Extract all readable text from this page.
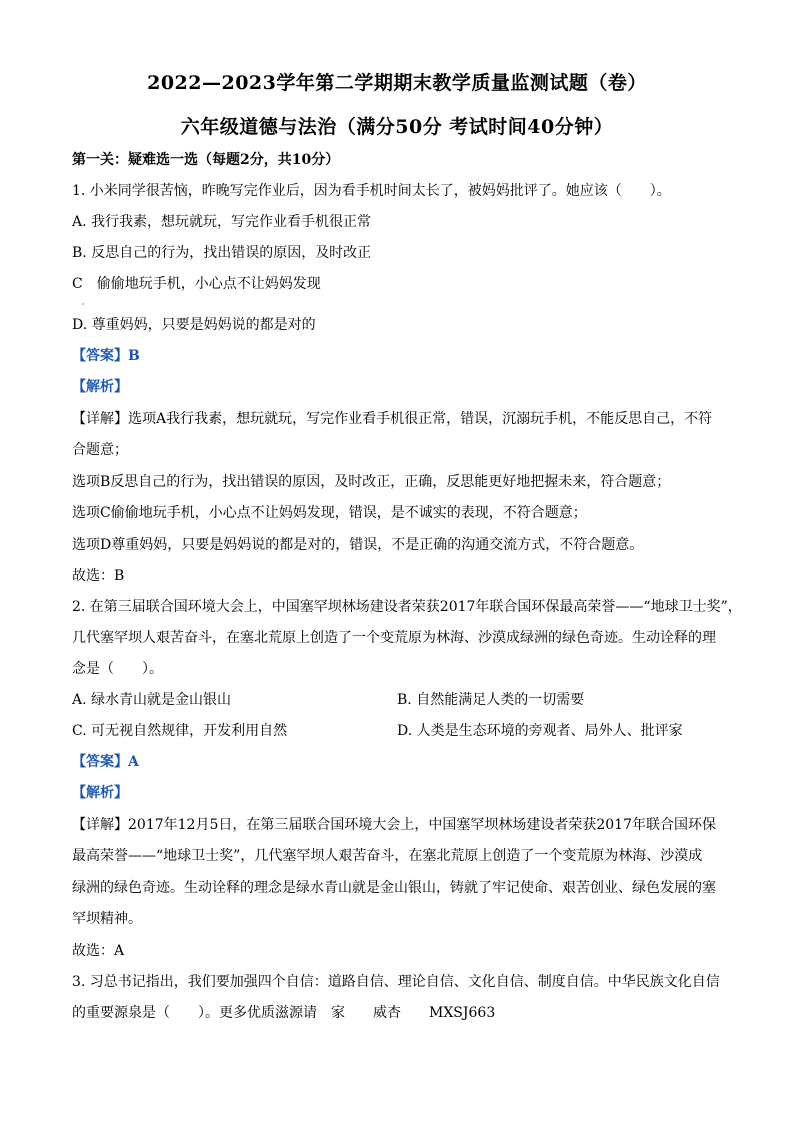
2022—2023学年第二学期期末教学质量监测试题（卷）
六年级道德与法治（满分50分 考试时间40分钟）
第一关：疑难选一选（每题2分，共10分）
1. 小米同学很苦恼，昨晚写完作业后，因为看手机时间太长了，被妈妈批评了。她应该（　　）。
A. 我行我素，想玩就玩，写完作业看手机很正常
B. 反思自己的行为，找出错误的原因，及时改正
C　偷偷地玩手机，小心点不让妈妈发现
·
D. 尊重妈妈，只要是妈妈说的都是对的
【答案】B
【解析】
【详解】选项A我行我素，想玩就玩，写完作业看手机很正常，错误，沉溺玩手机，不能反思自己，不符
合题意；
选项B反思自己的行为，找出错误的原因，及时改正，正确，反思能更好地把握未来，符合题意；
选项C偷偷地玩手机，小心点不让妈妈发现，错误，是不诚实的表现，不符合题意；
选项D尊重妈妈，只要是妈妈说的都是对的，错误，不是正确的沟通交流方式，不符合题意。
故选：B
2. 在第三届联合国环境大会上，中国塞罕坝林场建设者荣获2017年联合国环保最高荣誉——“地球卫士奖”，
几代塞罕坝人艰苦奋斗，在塞北荒原上创造了一个变荒原为林海、沙漠成绿洲的绿色奇迹。生动诠释的理
念是（　　）。
A. 绿水青山就是金山银山	B. 自然能满足人类的一切需要
C. 可无视自然规律，开发利用自然	D. 人类是生态环境的旁观者、局外人、批评家
【答案】A
【解析】
【详解】2017年12月5日，在第三届联合国环境大会上，中国塞罕坝林场建设者荣获2017年联合国环保
最高荣誉——“地球卫士奖”，几代塞罕坝人艰苦奋斗，在塞北荒原上创造了一个变荒原为林海、沙漠成
绿洲的绿色奇迹。生动诠释的理念是绿水青山就是金山银山，铸就了牢记使命、艰苦创业、绿色发展的塞
罕坝精神。
故选：A
3. 习总书记指出，我们要加强四个自信：道路自信、理论自信、文化自信、制度自信。中华民族文化自信
的重要源泉是（　　）。更多优质滋源请　家　　威杏　　MXSJ663
